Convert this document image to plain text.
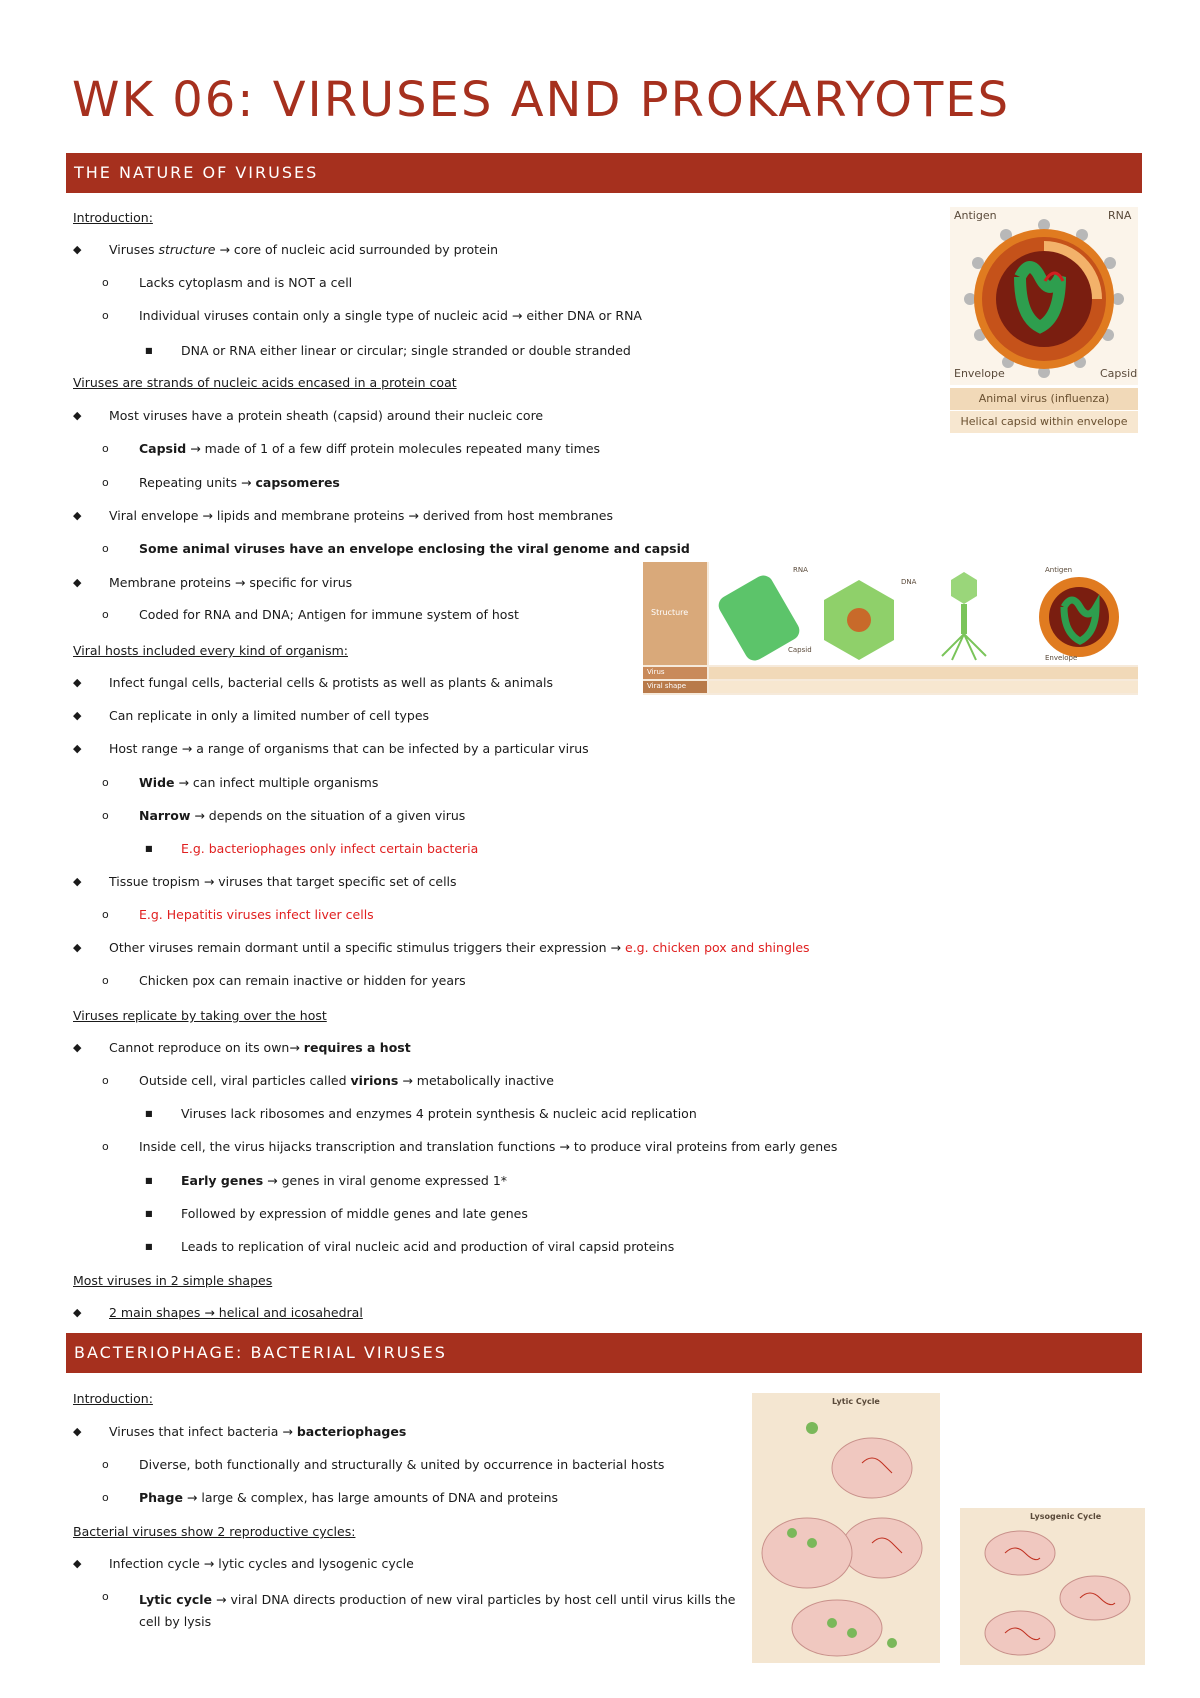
WK 06: VIRUSES AND PROKARYOTES
THE NATURE OF VIRUSES
Introduction:
◆ Viruses structure → core of nucleic acid surrounded by protein
o Lacks cytoplasm and is NOT a cell
o Individual viruses contain only a single type of nucleic acid → either DNA or RNA
■ DNA or RNA either linear or circular; single stranded or double stranded
Viruses are strands of nucleic acids encased in a protein coat
◆ Most viruses have a protein sheath (capsid) around their nucleic core
o Capsid → made of 1 of a few diff protein molecules repeated many times
o Repeating units → capsomeres
◆ Viral envelope → lipids and membrane proteins → derived from host membranes
o Some animal viruses have an envelope enclosing the viral genome and capsid
◆ Membrane proteins → specific for virus
o Coded for RNA and DNA; Antigen for immune system of host
Viral hosts included every kind of organism:
◆ Infect fungal cells, bacterial cells & protists as well as plants & animals
◆ Can replicate in only a limited number of cell types
◆ Host range → a range of organisms that can be infected by a particular virus
o Wide → can infect multiple organisms
o Narrow → depends on the situation of a given virus
■ E.g. bacteriophages only infect certain bacteria
◆ Tissue tropism → viruses that target specific set of cells
o E.g. Hepatitis viruses infect liver cells
◆ Other viruses remain dormant until a specific stimulus triggers their expression → e.g. chicken pox and shingles
o Chicken pox can remain inactive or hidden for years
Viruses replicate by taking over the host
◆ Cannot reproduce on its own→ requires a host
o Outside cell, viral particles called virions → metabolically inactive
■ Viruses lack ribosomes and enzymes 4 protein synthesis & nucleic acid replication
o Inside cell, the virus hijacks transcription and translation functions → to produce viral proteins from early genes
■ Early genes → genes in viral genome expressed 1*
■ Followed by expression of middle genes and late genes
■ Leads to replication of viral nucleic acid and production of viral capsid proteins
Most viruses in 2 simple shapes
◆ 2 main shapes → helical and icosahedral
BACTERIOPHAGE: BACTERIAL VIRUSES
Introduction:
◆ Viruses that infect bacteria → bacteriophages
o Diverse, both functionally and structurally & united by occurrence in bacterial hosts
o Phage → large & complex, has large amounts of DNA and proteins
Bacterial viruses show 2 reproductive cycles:
◆ Infection cycle → lytic cycles and lysogenic cycle
o Lytic cycle → viral DNA directs production of new viral particles by host cell until virus kills the cell by lysis
Antigen	RNA
Envelope	Capsid
Animal virus (influenza)
Helical capsid within envelope
Structure
Virus
Viral shape
RNA
Capsid
DNA
Antigen
Envelope
Lytic Cycle
Lysogenic Cycle
